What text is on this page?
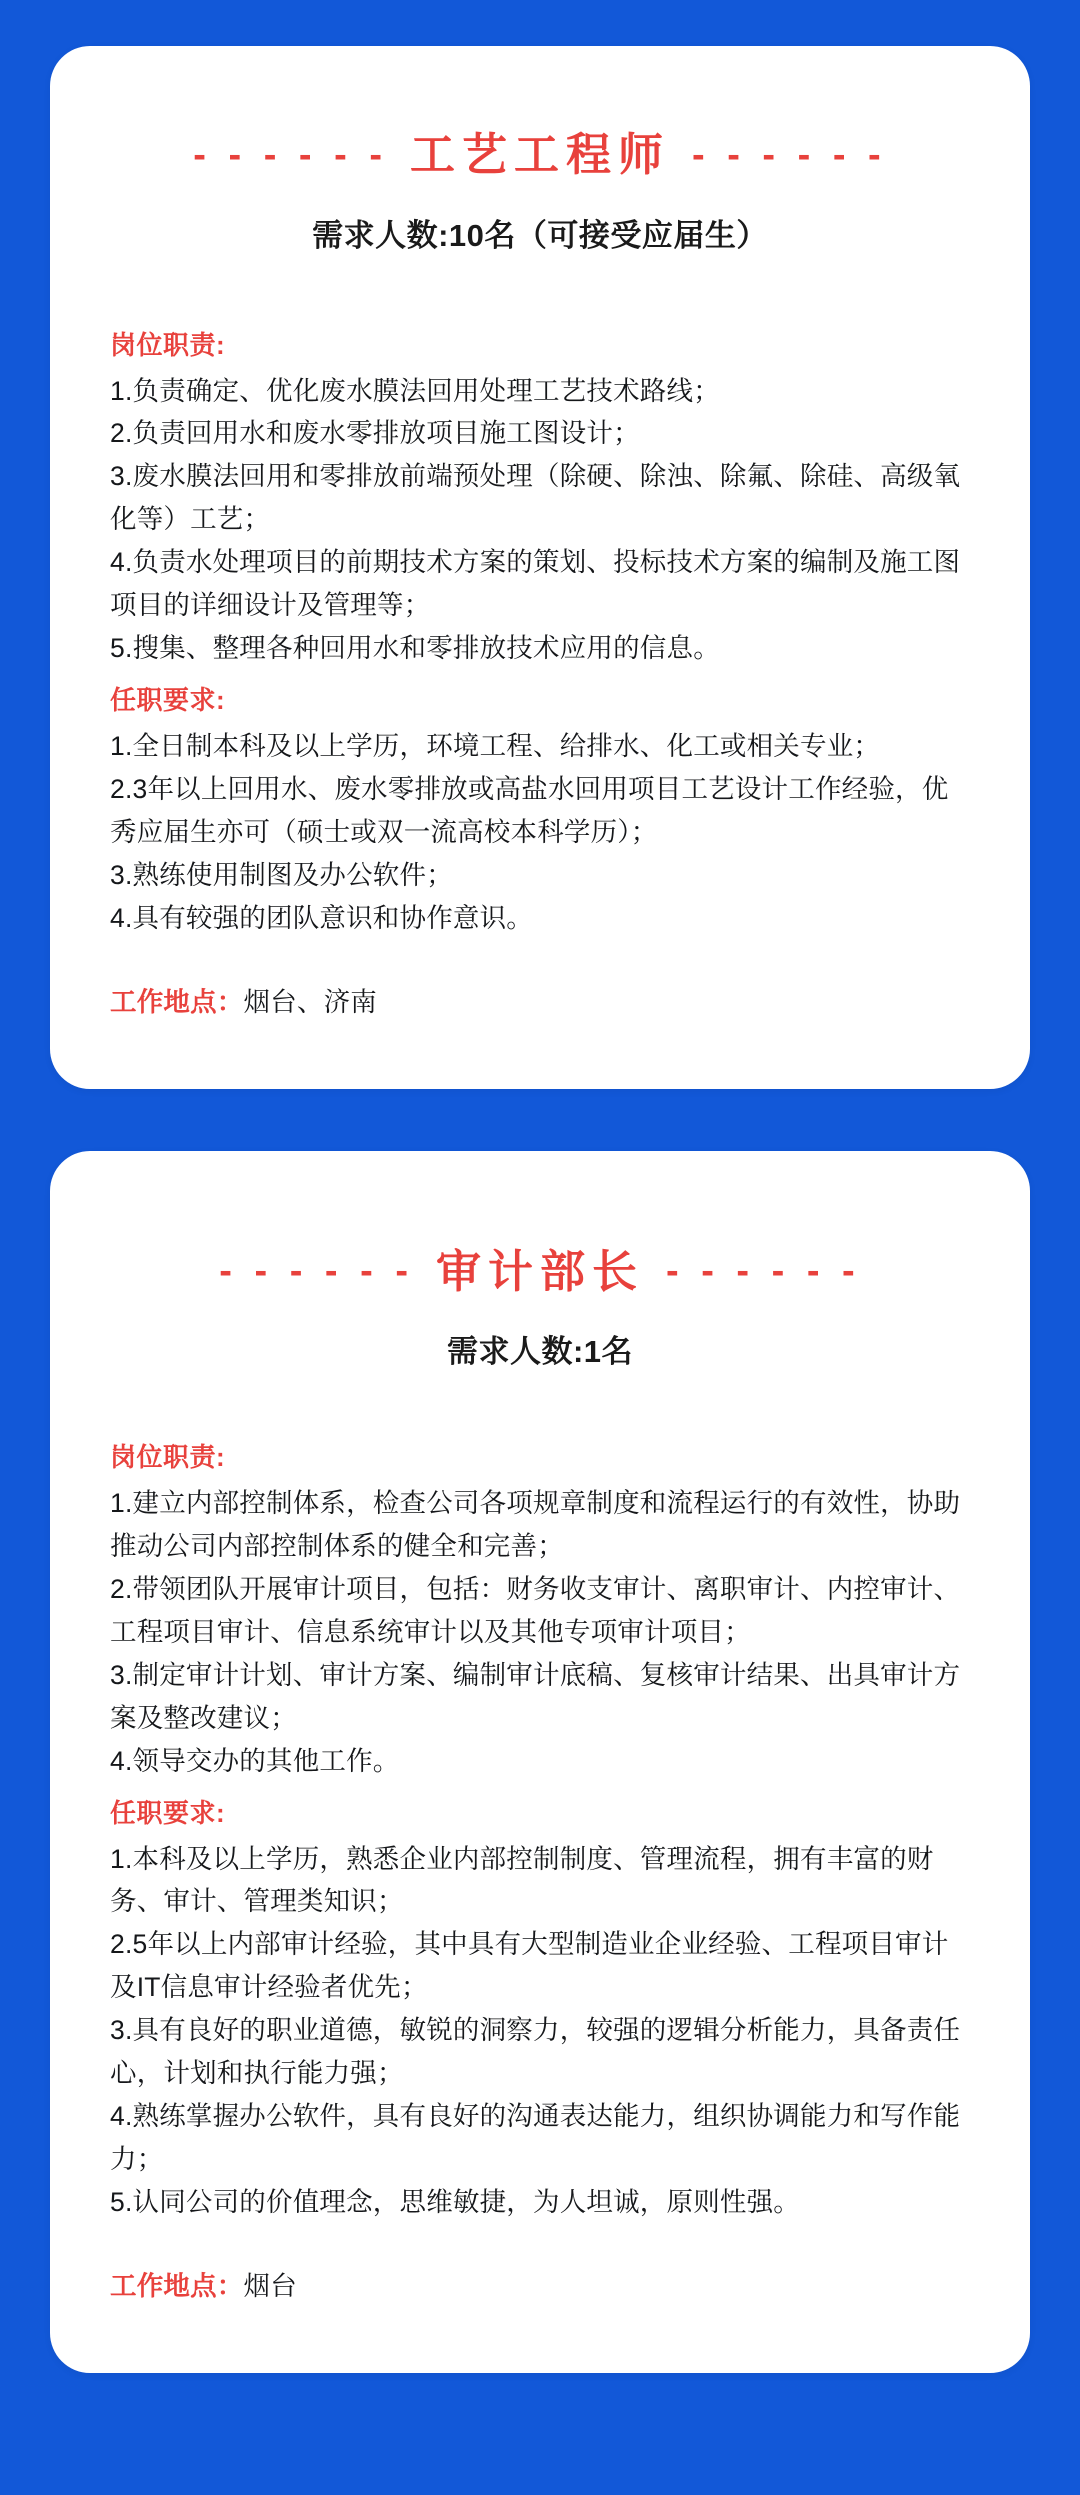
- - - - - - 工艺工程师 - - - - - -
需求人数:10名（可接受应届生）
岗位职责:
1.负责确定、优化废水膜法回用处理工艺技术路线；
2.负责回用水和废水零排放项目施工图设计；
3.废水膜法回用和零排放前端预处理（除硬、除浊、除氟、除硅、高级氧化等）工艺；
4.负责水处理项目的前期技术方案的策划、投标技术方案的编制及施工图项目的详细设计及管理等；
5.搜集、整理各种回用水和零排放技术应用的信息。
任职要求:
1.全日制本科及以上学历，环境工程、给排水、化工或相关专业；
2.3年以上回用水、废水零排放或高盐水回用项目工艺设计工作经验，优秀应届生亦可（硕士或双一流高校本科学历）；
3.熟练使用制图及办公软件；
4.具有较强的团队意识和协作意识。
工作地点：烟台、济南
- - - - - - 审计部长 - - - - - -
需求人数:1名
岗位职责:
1.建立内部控制体系，检查公司各项规章制度和流程运行的有效性，协助推动公司内部控制体系的健全和完善；
2.带领团队开展审计项目，包括：财务收支审计、离职审计、内控审计、工程项目审计、信息系统审计以及其他专项审计项目；
3.制定审计计划、审计方案、编制审计底稿、复核审计结果、出具审计方案及整改建议；
4.领导交办的其他工作。
任职要求:
1.本科及以上学历，熟悉企业内部控制制度、管理流程，拥有丰富的财务、审计、管理类知识；
2.5年以上内部审计经验，其中具有大型制造业企业经验、工程项目审计及IT信息审计经验者优先；
3.具有良好的职业道德，敏锐的洞察力，较强的逻辑分析能力，具备责任心，计划和执行能力强；
4.熟练掌握办公软件，具有良好的沟通表达能力，组织协调能力和写作能力；
5.认同公司的价值理念，思维敏捷，为人坦诚，原则性强。
工作地点：烟台
